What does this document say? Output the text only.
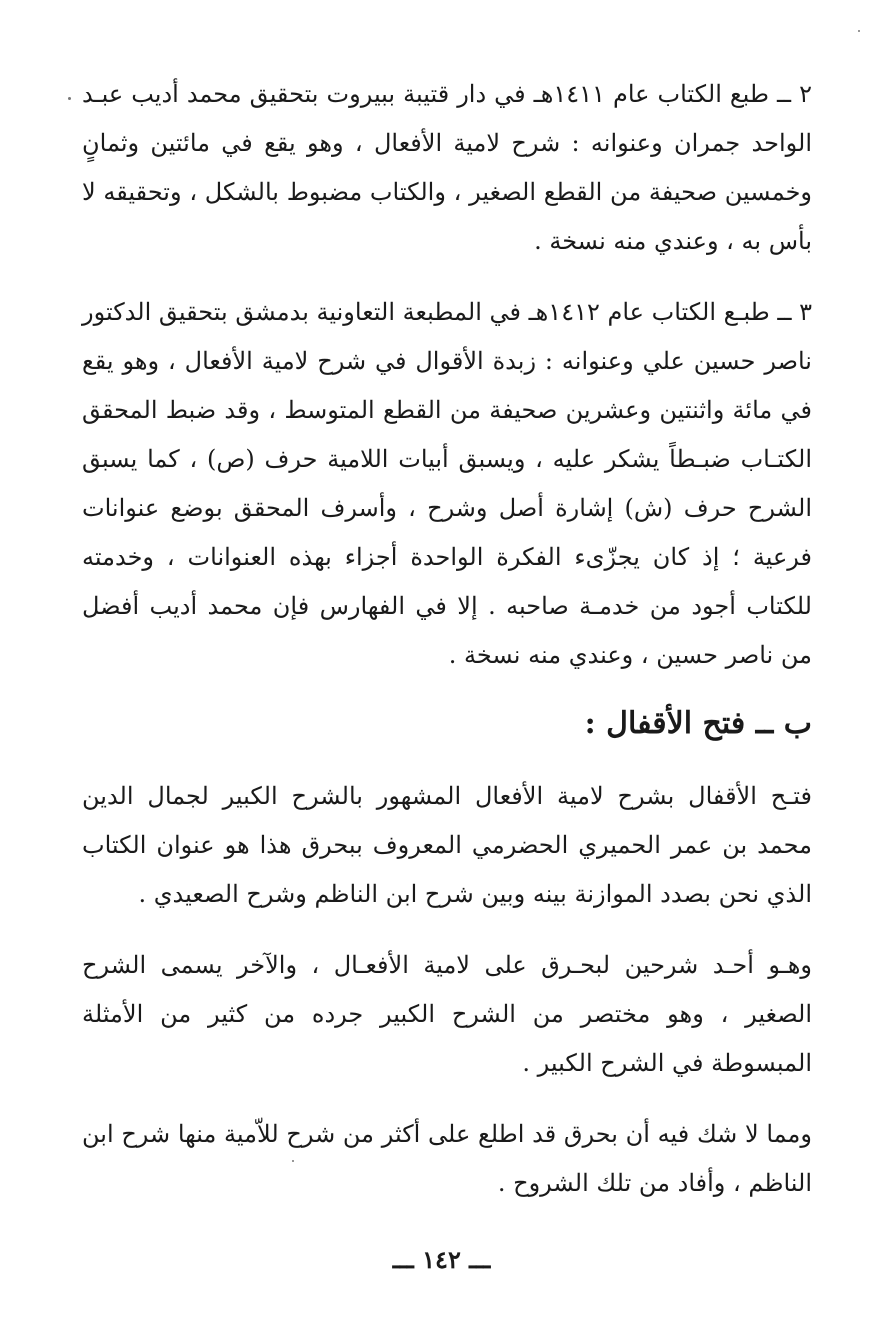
٢ ــ طبع الكتاب عام ١٤١١هـ في دار قتيبة ببيروت بتحقيق محمد أديب عبـد الواحد جمران وعنوانه : شرح لامية الأفعال ، وهو يقع في مائتين وثمانٍ وخمسين صحيفة من القطع الصغير ، والكتاب مضبوط بالشكل ، وتحقيقه لا بأس به ، وعندي منه نسخة .

٣ ــ طبـع الكتاب عام ١٤١٢هـ في المطبعة التعاونية بدمشق بتحقيق الدكتور ناصر حسين علي وعنوانه : زبدة الأقوال في شرح لامية الأفعال ، وهو يقع في مائة واثنتين وعشرين صحيفة من القطع المتوسط ، وقد ضبط المحقق الكتـاب ضبـطاً يشكر عليه ، ويسبق أبيات اللامية حرف (ص) ، كما يسبق الشرح حرف (ش) إشارة أصل وشرح ، وأسرف المحقق بوضع عنوانات فرعية ؛ إذ كان يجزّىء الفكرة الواحدة أجزاء بهذه العنوانات ، وخدمته للكتاب أجود من خدمـة صاحبه . إلا في الفهارس فإن محمد أديب أفضل من ناصر حسين ، وعندي منه نسخة .

ب ــ فتح الأقفال :

فتـح الأقفال بشرح لامية الأفعال المشهور بالشرح الكبير لجمال الدين محمد بن عمر الحميري الحضرمي المعروف ببحرق هذا هو عنوان الكتاب الذي نحن بصدد الموازنة بينه وبين شرح ابن الناظم وشرح الصعيدي .

وهـو أحـد شرحين لبحـرق على لامية الأفعـال ، والآخر يسمى الشرح الصغير ، وهو مختصر من الشرح الكبير جرده من كثير من الأمثلة المبسوطة في الشرح الكبير .

ومما لا شك فيه أن بحرق قد اطلع على أكثر من شرح للاّمية منها شرح ابن الناظم ، وأفاد من تلك الشروح .

ـــ ١٤٢ ـــ
